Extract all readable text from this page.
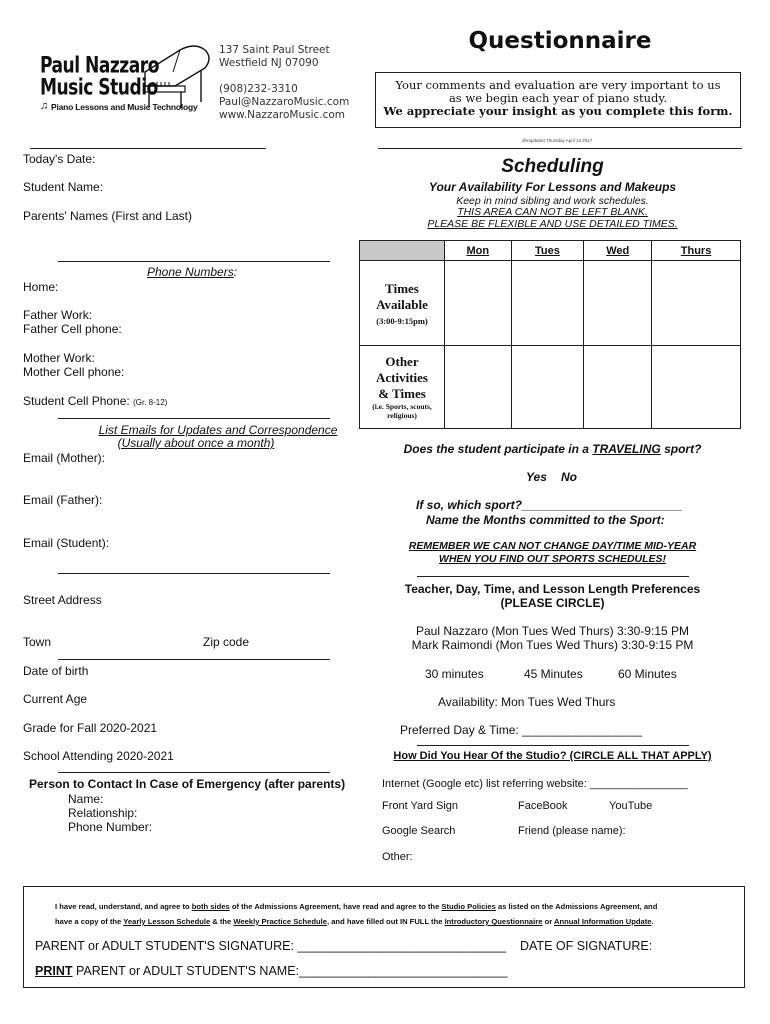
Paul Nazzaro
Music Studio
♫ Piano Lessons and Music Technology
137 Saint Paul Street
Westfield NJ 07090
(908)232-3310
Paul@NazzaroMusic.com
www.NazzaroMusic.com
Questionnaire
Your comments and evaluation are very important to us
as we begin each year of piano study.
We appreciate your insight as you complete this form.
dhrupdated Thursday April 13 2017
Today's Date:
Student Name:
Parents' Names (First and Last)
Phone Numbers:
Home:
Father Work:
Father Cell phone:
Mother Work:
Mother Cell phone:
Student Cell Phone: (Gr. 8-12)
List Emails for Updates and Correspondence
(Usually about once a month)
Email (Mother):
Email (Father):
Email (Student):
Street Address
Town	Zip code
Date of birth
Current Age
Grade for Fall 2020-2021
School Attending 2020-2021
Person to Contact In Case of Emergency (after parents)
Name:
Relationship:
Phone Number:
Scheduling
Your Availability For Lessons and Makeups
Keep in mind sibling and work schedules.
THIS AREA CAN NOT BE LEFT BLANK.
PLEASE BE FLEXIBLE AND USE DETAILED TIMES.
	Mon	Tues	Wed	Thurs

Times
Available
(3:00-9:15pm)				

Other
Activities
& Times
(i.e. Sports, scouts,
religious)				

Does the student participate in a TRAVELING sport?
Yes No
If so, which sport?________________________
Name the Months committed to the Sport:
REMEMBER WE CAN NOT CHANGE DAY/TIME MID-YEAR
WHEN YOU FIND OUT SPORTS SCHEDULES!
Teacher, Day, Time, and Lesson Length Preferences
(PLEASE CIRCLE)
Paul Nazzaro (Mon Tues Wed Thurs) 3:30-9:15 PM
Mark Raimondi (Mon Tues Wed Thurs) 3:30-9:15 PM
30 minutes	45 Minutes	60 Minutes
Availability: Mon Tues Wed Thurs
Preferred Day & Time: __________________
How Did You Hear Of the Studio? (CIRCLE ALL THAT APPLY)
Internet (Google etc) list referring website: ________________
Front Yard Sign	FaceBook	YouTube
Google Search	Friend (please name):
Other:
I have read, understand, and agree to both sides of the Admissions Agreement, have read and agree to the Studio Policies as listed on the Admissions Agreement, and
have a copy of the Yearly Lesson Schedule & the Weekly Practice Schedule, and have filled out IN FULL the Introductory Questionnaire or Annual Information Update.
PARENT or ADULT STUDENT'S SIGNATURE: ______________________________ DATE OF SIGNATURE:
PRINT PARENT or ADULT STUDENT'S NAME:______________________________
